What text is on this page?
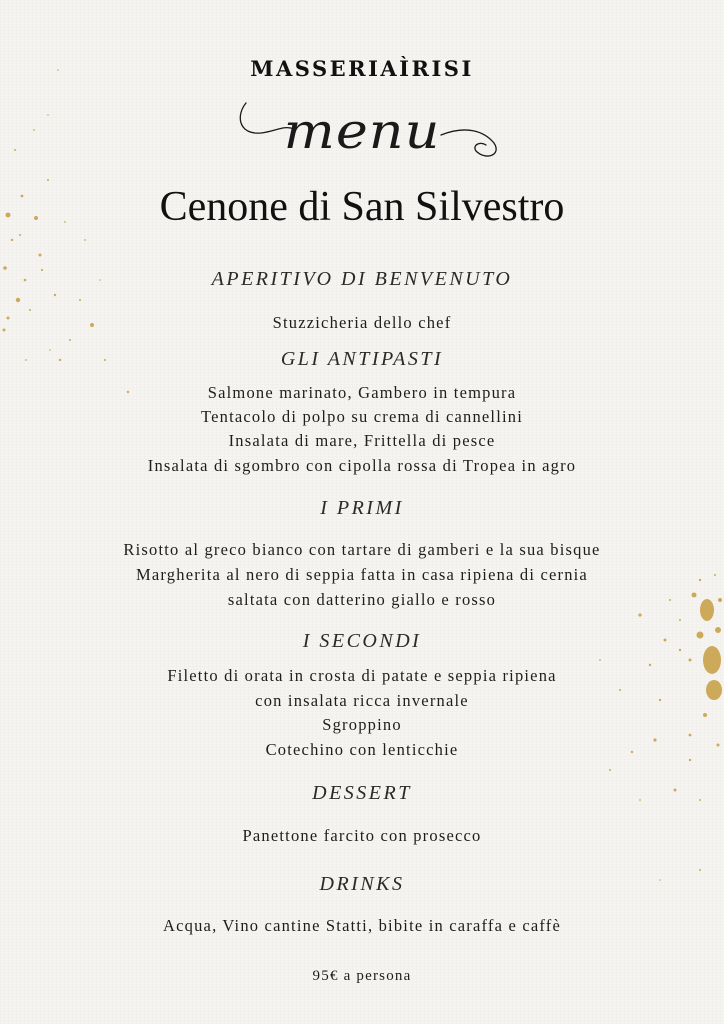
MASSERIAÌRISI
menu
Cenone di San Silvestro
APERITIVO DI BENVENUTO
Stuzzicheria dello chef
GLI ANTIPASTI
Salmone marinato, Gambero in tempura
Tentacolo di polpo su crema di cannellini
Insalata di mare, Frittella di pesce
Insalata di sgombro con cipolla rossa di Tropea in agro
I PRIMI
Risotto al greco bianco con tartare di gamberi e la sua bisque
Margherita al nero di seppia fatta in casa ripiena di cernia
saltata con datterino giallo e rosso
I SECONDI
Filetto di orata in crosta di patate e seppia ripiena
con insalata ricca invernale
Sgroppino
Cotechino con lenticchie
DESSERT
Panettone farcito con prosecco
DRINKS
Acqua, Vino cantine Statti, bibite in caraffa e caffè
95€ a persona
